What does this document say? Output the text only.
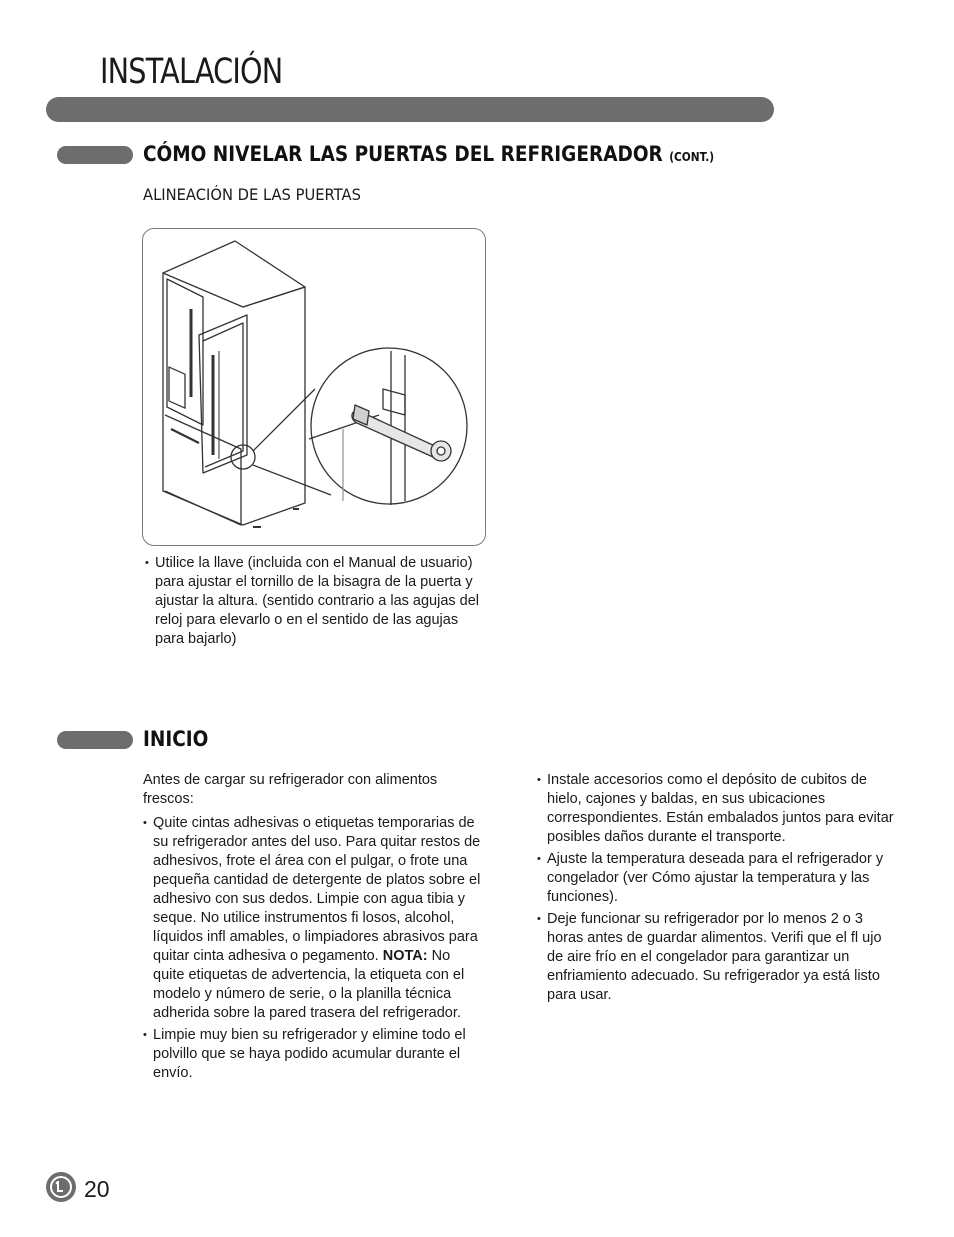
INSTALACIÓN
CÓMO NIVELAR LAS PUERTAS DEL REFRIGERADOR (CONT.)
ALINEACIÓN DE LAS PUERTAS
• Utilice la llave (incluida con el Manual de usuario) para ajustar el tornillo de la bisagra de la puerta y ajustar la altura. (sentido contrario a las agujas del reloj para elevarlo o en el sentido de las agujas para bajarlo)
INICIO

Antes de cargar su refrigerador con alimentos frescos:

• Quite cintas adhesivas o etiquetas temporarias de su refrigerador antes del uso. Para quitar restos de adhesivos, frote el área con el pulgar, o frote una pequeña cantidad de detergente de platos sobre el adhesivo con sus dedos. Limpie con agua tibia y seque. No utilice instrumentos fi losos, alcohol, líquidos infl amables, o limpiadores abrasivos para quitar cinta adhesiva o pegamento. NOTA: No quite etiquetas de advertencia, la etiqueta con el modelo y número de serie, o la planilla técnica adherida sobre la pared trasera del refrigerador.
• Limpie muy bien su refrigerador y elimine todo el polvillo que se haya podido acumular durante el envío.
• Instale accesorios como el depósito de cubitos de hielo, cajones y baldas, en sus ubicaciones correspondientes. Están embalados juntos para evitar posibles daños durante el transporte.
• Ajuste la temperatura deseada para el refrigerador y congelador (ver Cómo ajustar la temperatura y las funciones).
• Deje funcionar su refrigerador por lo menos 2 o 3 horas antes de guardar alimentos. Verifi que el fl ujo de aire frío en el congelador para garantizar un enfriamiento adecuado. Su refrigerador ya está listo para usar.
20
